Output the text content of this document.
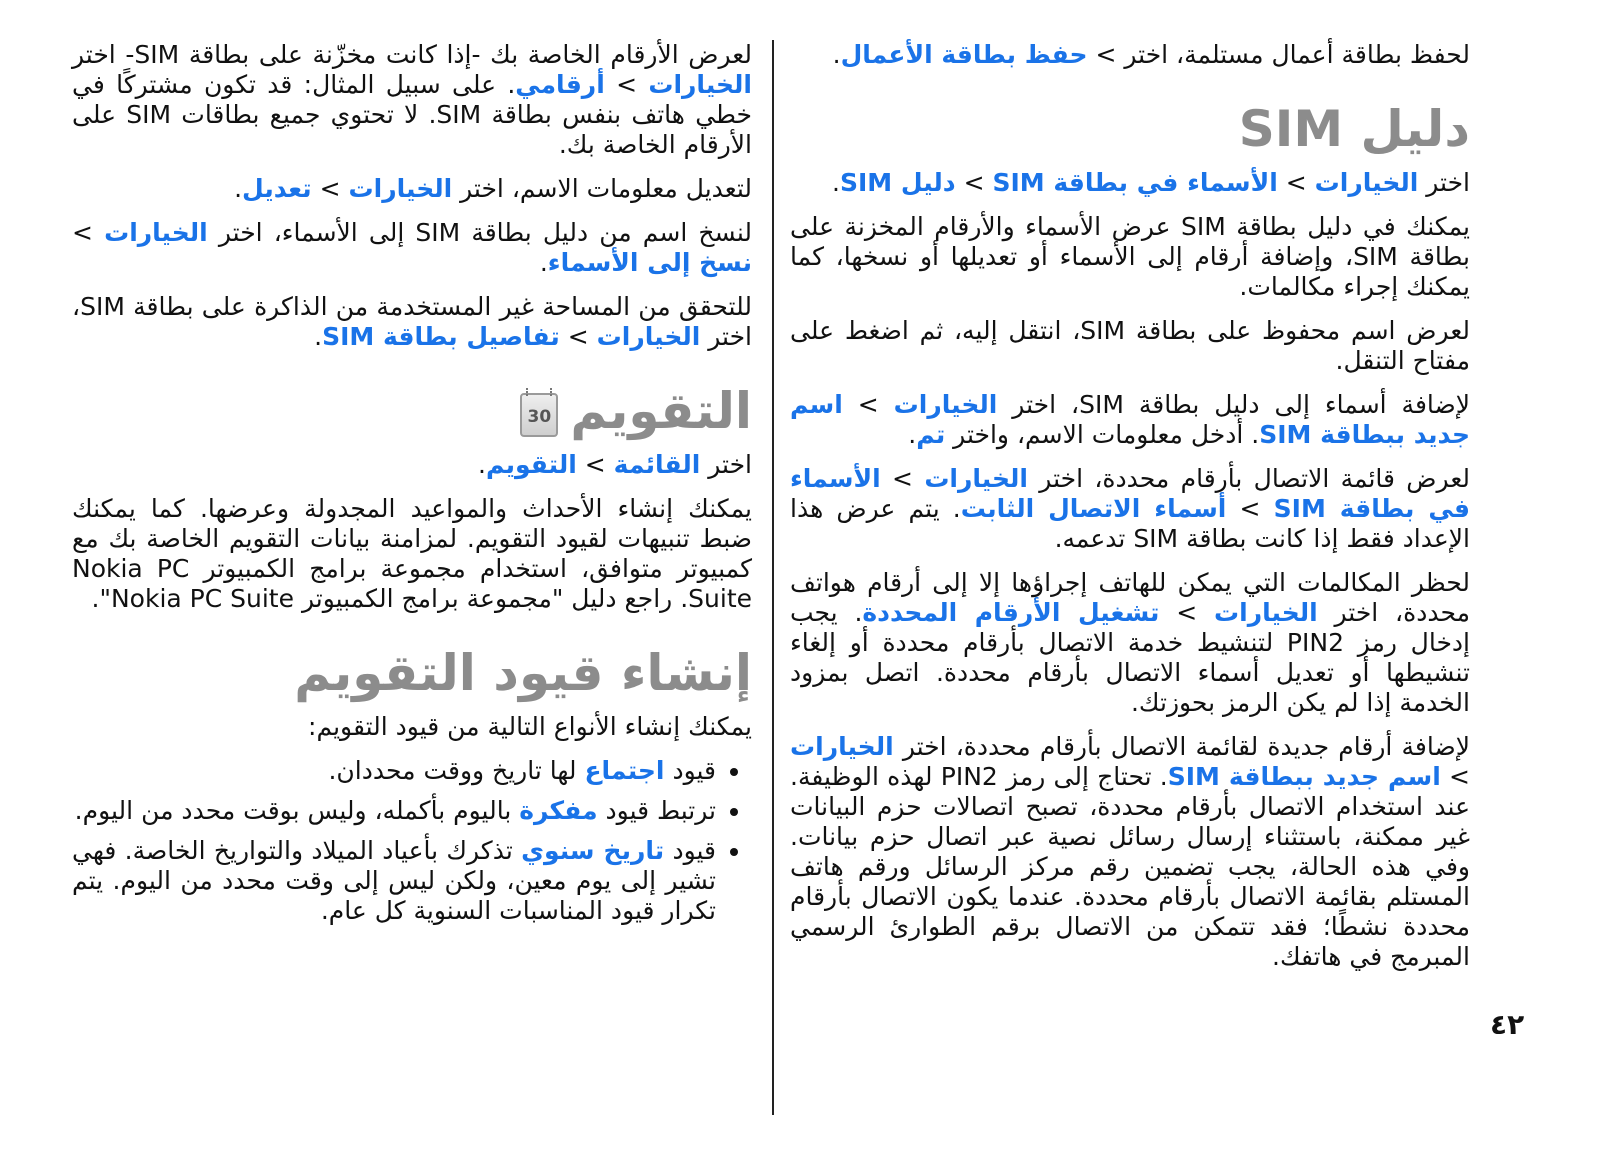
لحفظ بطاقة أعمال مستلمة، اختر > حفظ بطاقة الأعمال.

دليل SIM

اختر الخيارات > الأسماء في بطاقة SIM > دليل SIM.

يمكنك في دليل بطاقة SIM عرض الأسماء والأرقام المخزنة على بطاقة SIM، وإضافة أرقام إلى الأسماء أو تعديلها أو نسخها، كما يمكنك إجراء مكالمات.

لعرض اسم محفوظ على بطاقة SIM، انتقل إليه، ثم اضغط على مفتاح التنقل.

لإضافة أسماء إلى دليل بطاقة SIM، اختر الخيارات > اسم جديد ببطاقة SIM. أدخل معلومات الاسم، واختر تم.

لعرض قائمة الاتصال بأرقام محددة، اختر الخيارات > الأسماء في بطاقة SIM > أسماء الاتصال الثابت. يتم عرض هذا الإعداد فقط إذا كانت بطاقة SIM تدعمه.

لحظر المكالمات التي يمكن للهاتف إجراؤها إلا إلى أرقام هواتف محددة، اختر الخيارات > تشغيل الأرقام المحددة. يجب إدخال رمز PIN2 لتنشيط خدمة الاتصال بأرقام محددة أو إلغاء تنشيطها أو تعديل أسماء الاتصال بأرقام محددة. اتصل بمزود الخدمة إذا لم يكن الرمز بحوزتك.

لإضافة أرقام جديدة لقائمة الاتصال بأرقام محددة، اختر الخيارات > اسم جديد ببطاقة SIM. تحتاج إلى رمز PIN2 لهذه الوظيفة. عند استخدام الاتصال بأرقام محددة، تصبح اتصالات حزم البيانات غير ممكنة، باستثناء إرسال رسائل نصية عبر اتصال حزم بيانات. وفي هذه الحالة، يجب تضمين رقم مركز الرسائل ورقم هاتف المستلم بقائمة الاتصال بأرقام محددة. عندما يكون الاتصال بأرقام محددة نشطًا؛ فقد تتمكن من الاتصال برقم الطوارئ الرسمي المبرمج في هاتفك.

لعرض الأرقام الخاصة بك -إذا كانت مخزّنة على بطاقة SIM- اختر الخيارات > أرقامي. على سبيل المثال: قد تكون مشتركًا في خطي هاتف بنفس بطاقة SIM. لا تحتوي جميع بطاقات SIM على الأرقام الخاصة بك.

لتعديل معلومات الاسم، اختر الخيارات > تعديل.

لنسخ اسم من دليل بطاقة SIM إلى الأسماء، اختر الخيارات > نسخ إلى الأسماء.

للتحقق من المساحة غير المستخدمة من الذاكرة على بطاقة SIM، اختر الخيارات > تفاصيل بطاقة SIM.

التقويم30

اختر القائمة > التقويم.

يمكنك إنشاء الأحداث والمواعيد المجدولة وعرضها. كما يمكنك ضبط تنبيهات لقيود التقويم. لمزامنة بيانات التقويم الخاصة بك مع كمبيوتر متوافق، استخدام مجموعة برامج الكمبيوتر Nokia PC Suite. راجع دليل "مجموعة برامج الكمبيوتر Nokia PC Suite".

إنشاء قيود التقويم

يمكنك إنشاء الأنواع التالية من قيود التقويم:

• قيود اجتماع لها تاريخ ووقت محددان.
• ترتبط قيود مفكرة باليوم بأكمله، وليس بوقت محدد من اليوم.
• قيود تاريخ سنوي تذكرك بأعياد الميلاد والتواريخ الخاصة. فهي تشير إلى يوم معين، ولكن ليس إلى وقت محدد من اليوم. يتم تكرار قيود المناسبات السنوية كل عام.
٤٢
